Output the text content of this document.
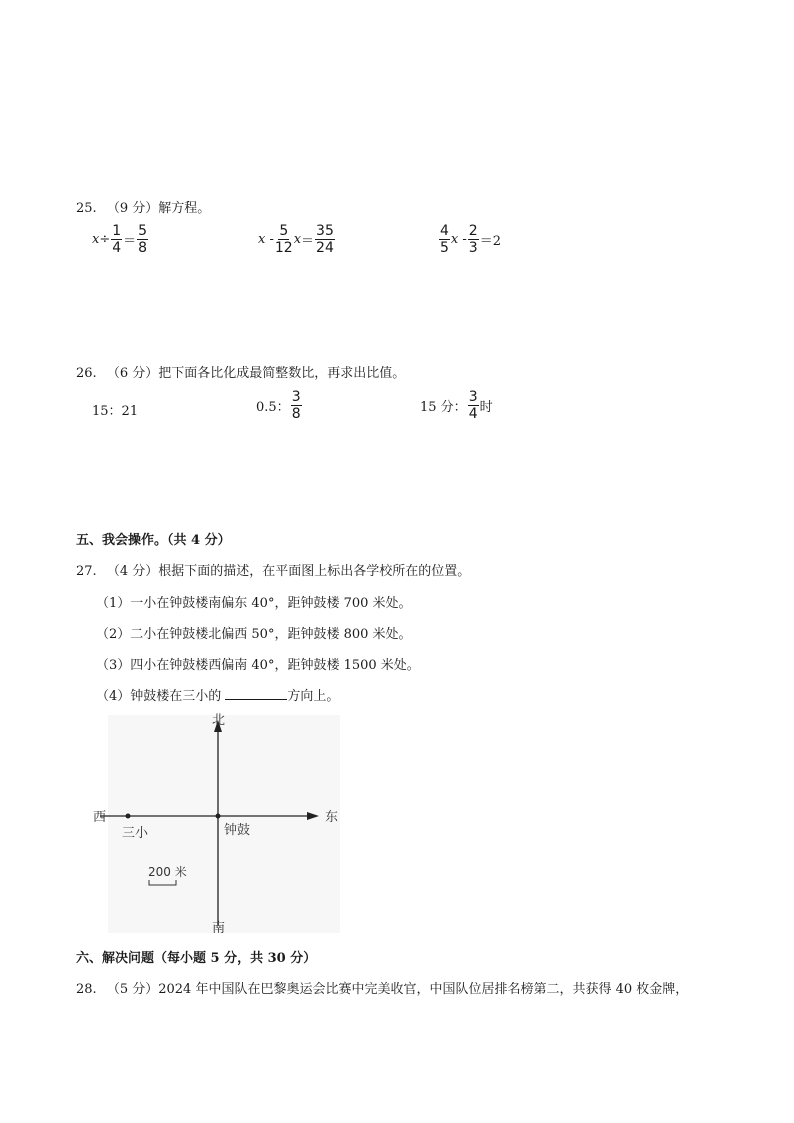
25. （9 分）解方程。
$x\div \frac{1}{4} = \frac{5}{8}$	x - $\frac{5}{12}$ $x = \frac{35}{24}$	$\frac{4}{5}$ $x - \frac{2}{3} =2$
26. （6 分）把下面各比化成最简整数比，再求出比值。
15：21	0.5： $\frac{3}{8}$	15 分： $\frac{3}{4}$ 时
五、我会操作。（共 4 分）
27. （4 分）根据下面的描述，在平面图上标出各学校所在的位置。
（1）一小在钟鼓楼南偏东 40°，距钟鼓楼 700 米处。
（2）二小在钟鼓楼北偏西 50°，距钟鼓楼 800 米处。
（3）四小在钟鼓楼西偏南 40°，距钟鼓楼 1500 米处。
（4）钟鼓楼在三小的	方向上。
北
南
东
西
三小	钟鼓
200 米
六、解决问题（每小题 5 分，共 30 分）
28. （5 分）2024 年中国队在巴黎奥运会比赛中完美收官，中国队位居排名榜第二，共获得 40 枚金牌，
